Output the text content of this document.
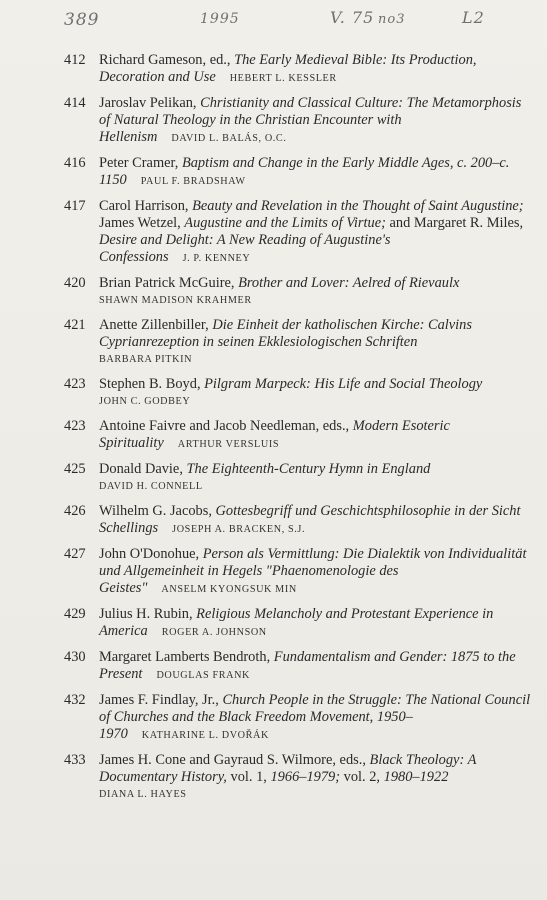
389	1995	V. 75 no3	L2
412 Richard Gameson, ed., The Early Medieval Bible: Its Production, Decoration and Use HEBERT L. KESSLER
414 Jaroslav Pelikan, Christianity and Classical Culture: The Metamorphosis of Natural Theology in the Christian Encounter with Hellenism DAVID L. BALÁS, O.C.
416 Peter Cramer, Baptism and Change in the Early Middle Ages, c. 200–c. 1150 PAUL F. BRADSHAW
417 Carol Harrison, Beauty and Revelation in the Thought of Saint Augustine; James Wetzel, Augustine and the Limits of Virtue; and Margaret R. Miles, Desire and Delight: A New Reading of Augustine's Confessions J. P. KENNEY
420 Brian Patrick McGuire, Brother and Lover: Aelred of Rievaulx
SHAWN MADISON KRAHMER
421 Anette Zillenbiller, Die Einheit der katholischen Kirche: Calvins Cyprianrezeption in seinen Ekklesiologischen Schriften
BARBARA PITKIN
423 Stephen B. Boyd, Pilgram Marpeck: His Life and Social Theology
JOHN C. GODBEY
423 Antoine Faivre and Jacob Needleman, eds., Modern Esoteric Spirituality ARTHUR VERSLUIS
425 Donald Davie, The Eighteenth-Century Hymn in England
DAVID H. CONNELL
426 Wilhelm G. Jacobs, Gottesbegriff und Geschichtsphilosophie in der Sicht Schellings JOSEPH A. BRACKEN, S.J.
427 John O'Donohue, Person als Vermittlung: Die Dialektik von Individualität und Allgemeinheit in Hegels "Phaenomenologie des Geistes" ANSELM KYONGSUK MIN
429 Julius H. Rubin, Religious Melancholy and Protestant Experience in America ROGER A. JOHNSON
430 Margaret Lamberts Bendroth, Fundamentalism and Gender: 1875 to the Present DOUGLAS FRANK
432 James F. Findlay, Jr., Church People in the Struggle: The National Council of Churches and the Black Freedom Movement, 1950–1970 KATHARINE L. DVOŘÁK
433 James H. Cone and Gayraud S. Wilmore, eds., Black Theology: A Documentary History, vol. 1, 1966–1979; vol. 2, 1980–1922
DIANA L. HAYES
